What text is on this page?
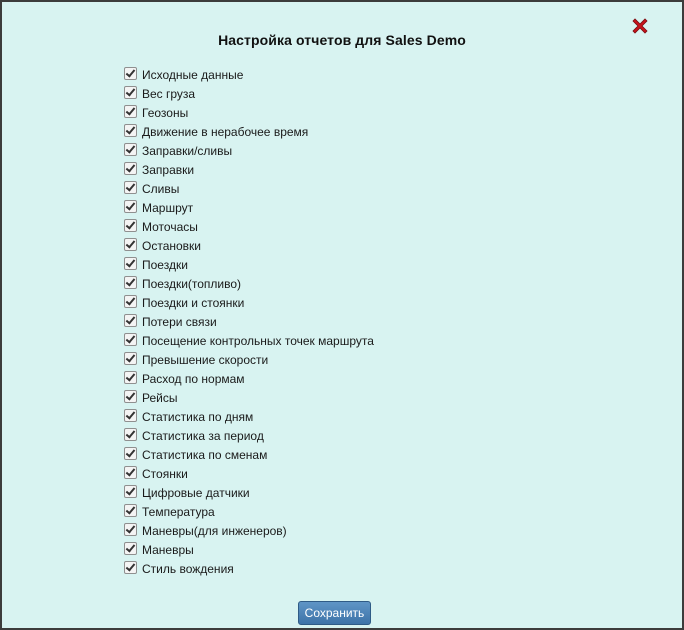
Настройка отчетов для Sales Demo
Исходные данные
Вес груза
Геозоны
Движение в нерабочее время
Заправки/сливы
Заправки
Сливы
Маршрут
Моточасы
Остановки
Поездки
Поездки(топливо)
Поездки и стоянки
Потери связи
Посещение контрольных точек маршрута
Превышение скорости
Расход по нормам
Рейсы
Статистика по дням
Статистика за период
Статистика по сменам
Стоянки
Цифровые датчики
Температура
Маневры(для инженеров)
Маневры
Стиль вождения
Сохранить
